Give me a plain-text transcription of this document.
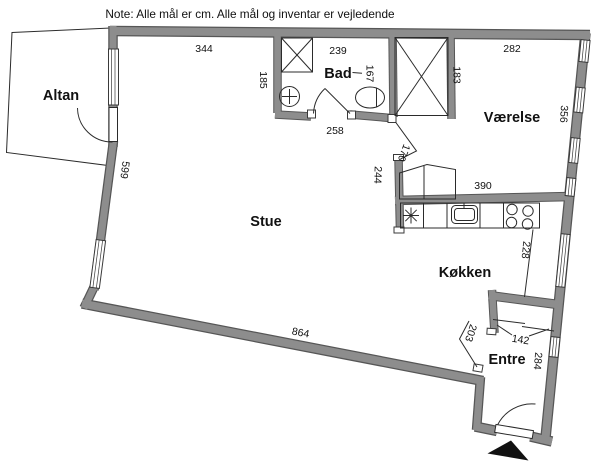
Note: Alle mål er cm. Alle mål og inventar er vejledende
Altan
Bad
Værelse
Stue
Køkken
Entre
344	239	282
185	167
258
183
356
599	244
170
390
228
864	203	142
284
